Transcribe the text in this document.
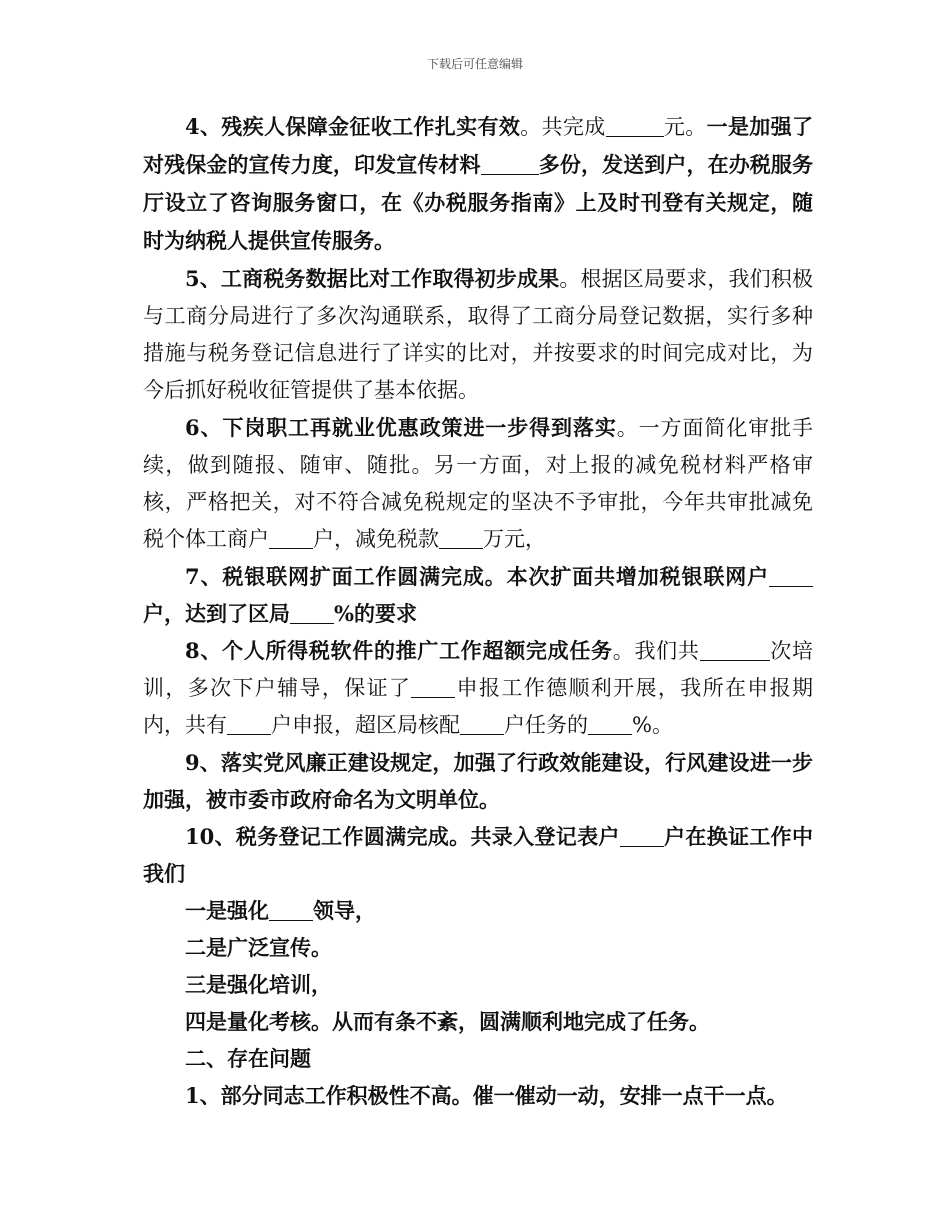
下载后可任意编辑

4、残疾人保障金征收工作扎实有效。共完成	元。一是加强了对残保金的宣传力度，印发宣传材料	多份，发送到户，在办税服务厅设立了咨询服务窗口，在《办税服务指南》上及时刊登有关规定，随时为纳税人提供宣传服务。

5、工商税务数据比对工作取得初步成果。根据区局要求，我们积极与工商分局进行了多次沟通联系，取得了工商分局登记数据，实行多种措施与税务登记信息进行了详实的比对，并按要求的时间完成对比，为今后抓好税收征管提供了基本依据。

6、下岗职工再就业优惠政策进一步得到落实。一方面简化审批手续，做到随报、随审、随批。另一方面，对上报的减免税材料严格审核，严格把关，对不符合减免税规定的坚决不予审批，今年共审批减免税个体工商户 户，减免税款 万元，

7、税银联网扩面工作圆满完成。本次扩面共增加税银联网户户，达到了区局 %的要求

8、个人所得税软件的推广工作超额完成任务。我们共	次培训，多次下户辅导，保证了 申报工作德顺利开展，我所在申报期内，共有 户申报，超区局核配 户任务的 %。

9、落实党风廉正建设规定，加强了行政效能建设，行风建设进一步加强，被市委市政府命名为文明单位。

10、税务登记工作圆满完成。共录入登记表户 户在换证工作中我们

一是强化 领导，

二是广泛宣传。

三是强化培训，

四是量化考核。从而有条不紊，圆满顺利地完成了任务。

二、存在问题

1、部分同志工作积极性不高。催一催动一动，安排一点干一点。
